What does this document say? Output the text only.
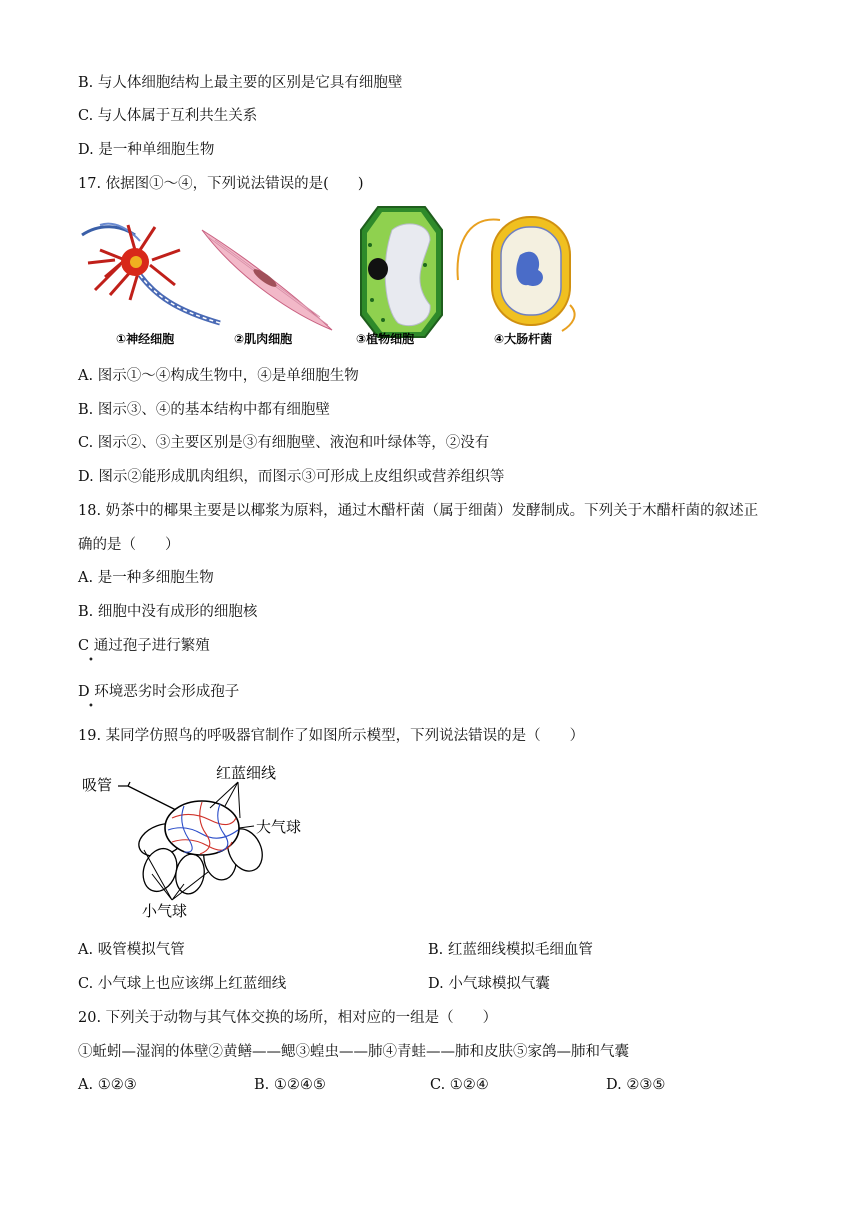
B. 与人体细胞结构上最主要的区别是它具有细胞壁
C. 与人体属于互利共生关系
D. 是一种单细胞生物
17. 依据图①～④，下列说法错误的是(　　)
①神经细胞	②肌肉细胞	③植物细胞	④大肠杆菌
A. 图示①～④构成生物中，④是单细胞生物
B. 图示③、④的基本结构中都有细胞壁
C. 图示②、③主要区别是③有细胞壁、液泡和叶绿体等，②没有
D. 图示②能形成肌肉组织，而图示③可形成上皮组织或营养组织等
18. 奶茶中的椰果主要是以椰浆为原料，通过木醋杆菌（属于细菌）发酵制成。下列关于木醋杆菌的叙述正
确的是（　　）
A. 是一种多细胞生物
B. 细胞中没有成形的细胞核
C 通过孢子进行繁殖
•
D 环境恶劣时会形成孢子
•
19. 某同学仿照鸟的呼吸器官制作了如图所示模型，下列说法错误的是（　　）
吸管
红蓝细线
大气球
小气球
A. 吸管模拟气管	B. 红蓝细线模拟毛细血管
C. 小气球上也应该绑上红蓝细线	D. 小气球模拟气囊
20. 下列关于动物与其气体交换的场所，相对应的一组是（　　）
①蚯蚓—湿润的体壁②黄鳝——鳃③蝗虫——肺④青蛙——肺和皮肤⑤家鸽—肺和气囊
A. ①②③	B. ①②④⑤	C. ①②④	D. ②③⑤
